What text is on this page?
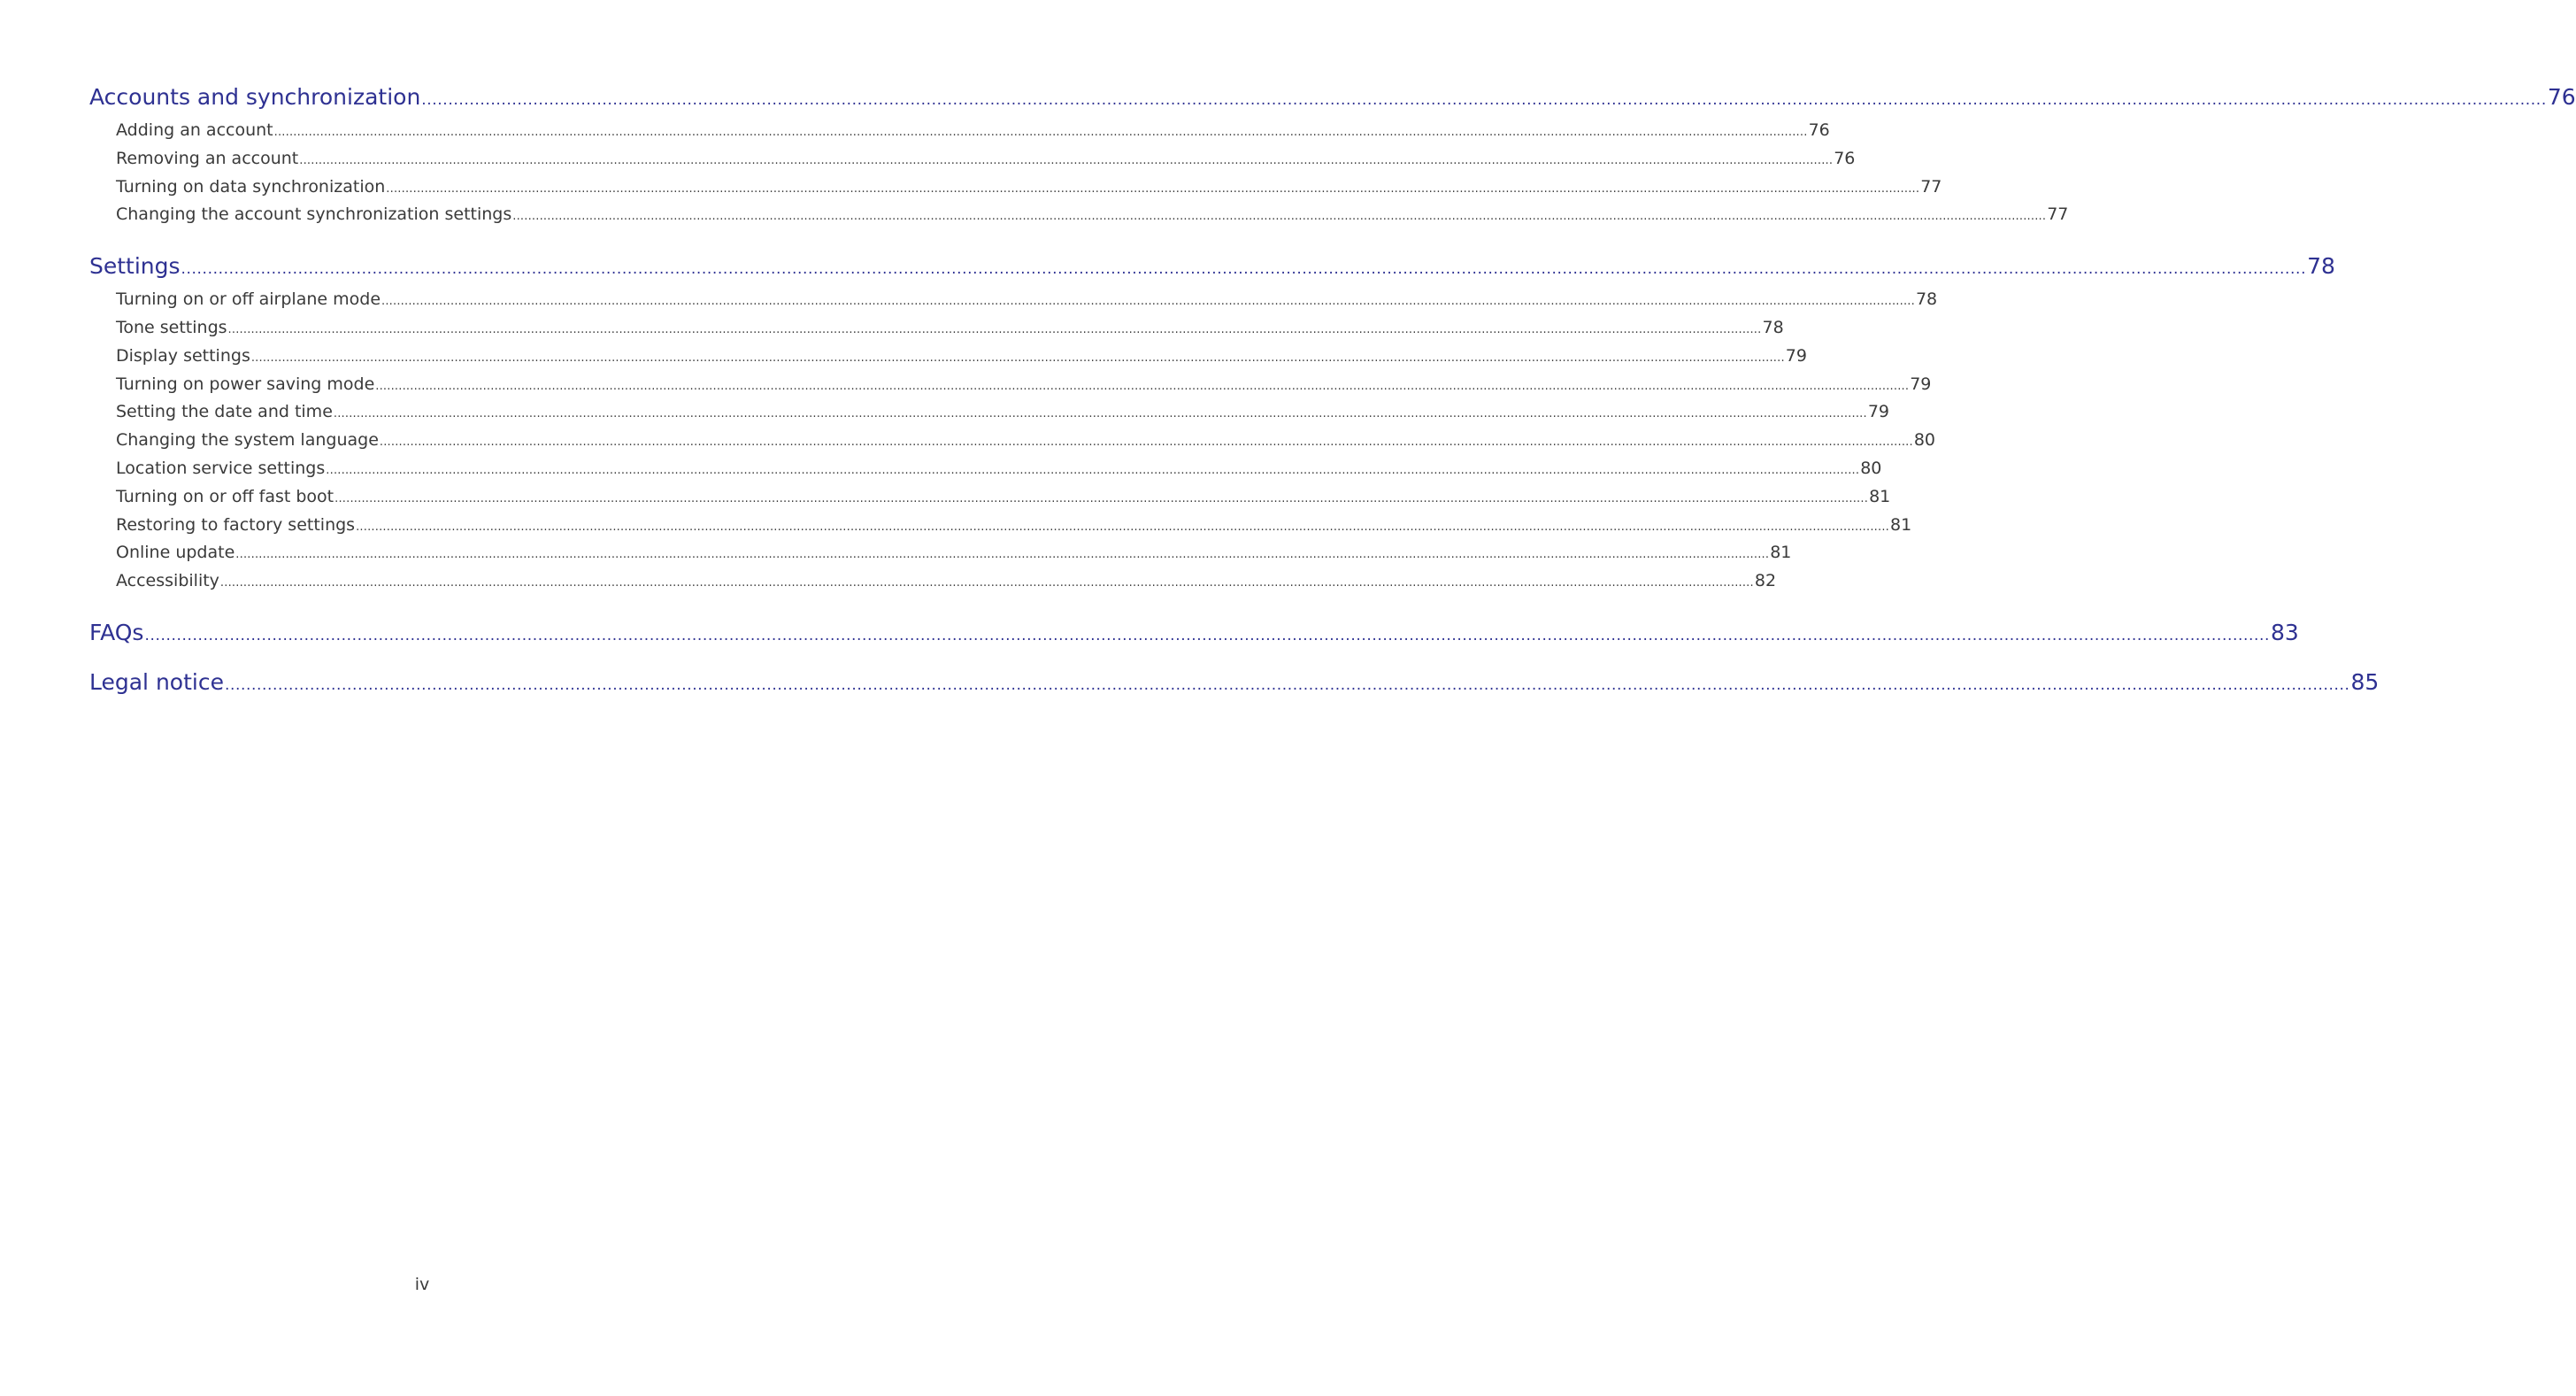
Accounts and synchronization ................................................................................................................................................................................................................................................................................................................................................................................................................ 76
Adding an account ................................................................................................................................................................................................................................................................................................................................................................................................................ 76
Removing an account ................................................................................................................................................................................................................................................................................................................................................................................................................ 76
Turning on data synchronization ................................................................................................................................................................................................................................................................................................................................................................................................................ 77
Changing the account synchronization settings ................................................................................................................................................................................................................................................................................................................................................................................................................ 77
Settings ................................................................................................................................................................................................................................................................................................................................................................................................................ 78
Turning on or off airplane mode ................................................................................................................................................................................................................................................................................................................................................................................................................ 78
Tone settings ................................................................................................................................................................................................................................................................................................................................................................................................................ 78
Display settings ................................................................................................................................................................................................................................................................................................................................................................................................................ 79
Turning on power saving mode ................................................................................................................................................................................................................................................................................................................................................................................................................ 79
Setting the date and time ................................................................................................................................................................................................................................................................................................................................................................................................................ 79
Changing the system language ................................................................................................................................................................................................................................................................................................................................................................................................................ 80
Location service settings ................................................................................................................................................................................................................................................................................................................................................................................................................ 80
Turning on or off fast boot ................................................................................................................................................................................................................................................................................................................................................................................................................ 81
Restoring to factory settings ................................................................................................................................................................................................................................................................................................................................................................................................................ 81
Online update ................................................................................................................................................................................................................................................................................................................................................................................................................ 81
Accessibility ................................................................................................................................................................................................................................................................................................................................................................................................................ 82
FAQs ................................................................................................................................................................................................................................................................................................................................................................................................................ 83
Legal notice ................................................................................................................................................................................................................................................................................................................................................................................................................ 85
iv
